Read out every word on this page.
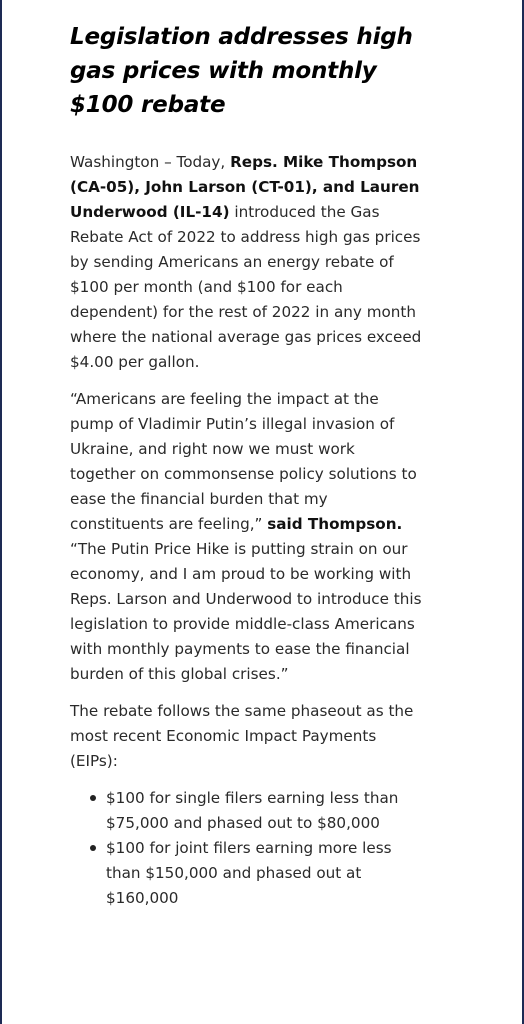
Legislation addresses high gas prices with monthly $100 rebate

Washington – Today, Reps. Mike Thompson (CA-05), John Larson (CT-01), and Lauren Underwood (IL-14) introduced the Gas Rebate Act of 2022 to address high gas prices by sending Americans an energy rebate of $100 per month (and $100 for each dependent) for the rest of 2022 in any month where the national average gas prices exceed $4.00 per gallon.

“Americans are feeling the impact at the pump of Vladimir Putin’s illegal invasion of Ukraine, and right now we must work together on commonsense policy solutions to ease the financial burden that my constituents are feeling,” said Thompson. “The Putin Price Hike is putting strain on our economy, and I am proud to be working with Reps. Larson and Underwood to introduce this legislation to provide middle-class Americans with monthly payments to ease the financial burden of this global crises.”

The rebate follows the same phaseout as the most recent Economic Impact Payments (EIPs):

$100 for single filers earning less than $75,000 and phased out to $80,000
$100 for joint filers earning more less than $150,000 and phased out at $160,000
